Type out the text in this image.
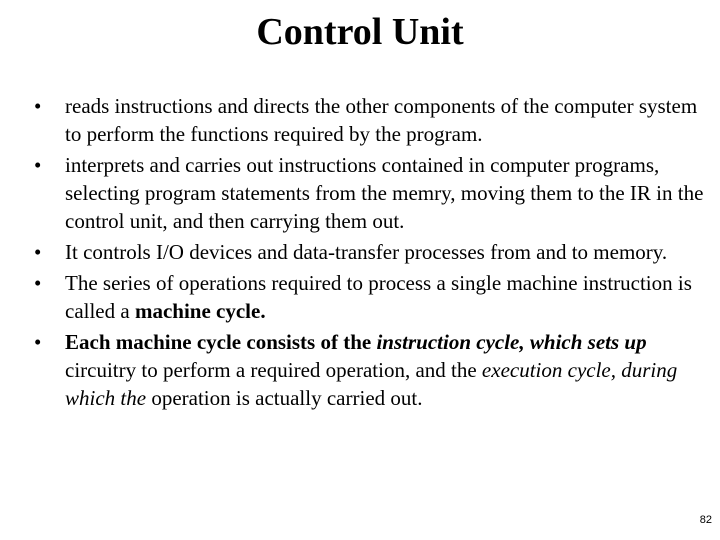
Control Unit
• reads instructions and directs the other components of the computer system to perform the functions required by the program.
• interprets and carries out instructions contained in computer programs, selecting program statements from the memry, moving them to the IR in the control unit, and then carrying them out.
• It controls I/O devices and data-transfer processes from and to memory.
• The series of operations required to process a single machine instruction is called a machine cycle.
• Each machine cycle consists of the instruction cycle, which sets up circuitry to perform a required operation, and the execution cycle, during which the operation is actually carried out.
82
